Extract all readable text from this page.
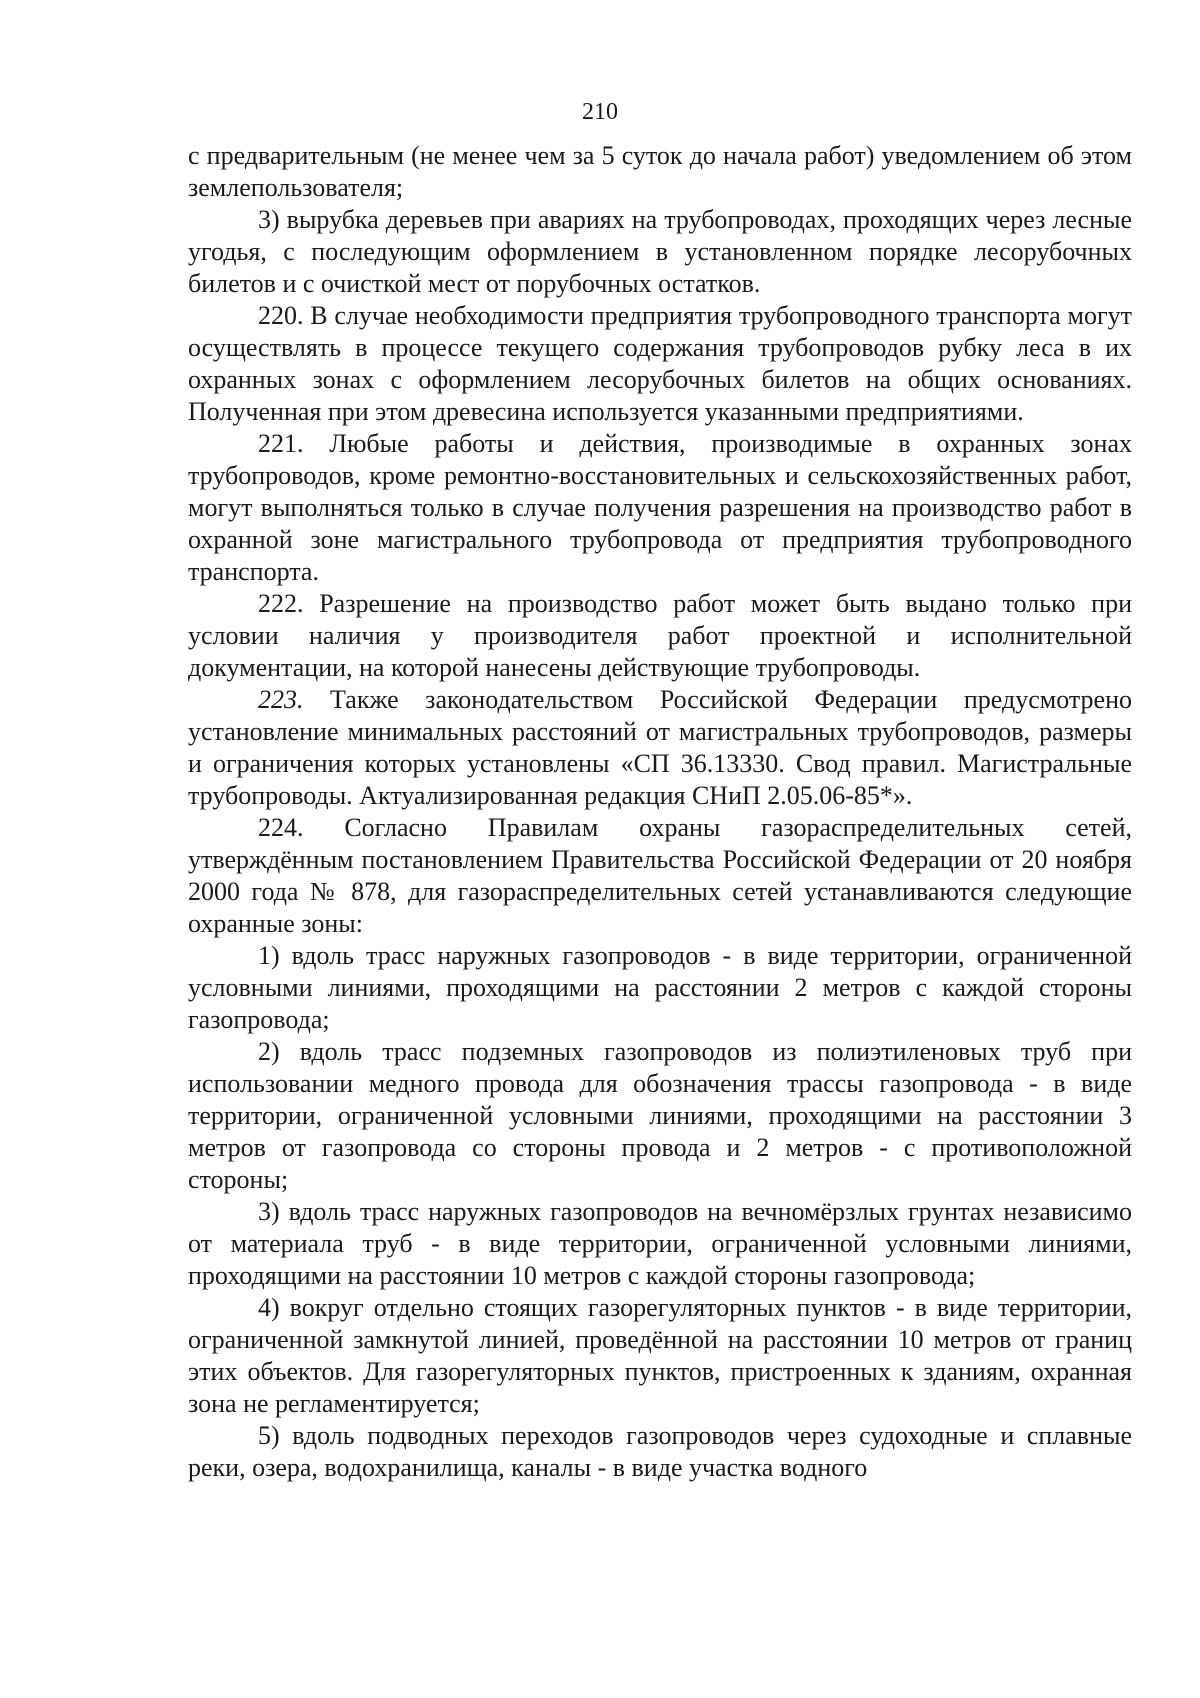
210

с предварительным (не менее чем за 5 суток до начала работ) уведомлением об этом землепользователя;

3) вырубка деревьев при авариях на трубопроводах, проходящих через лесные угодья, с последующим оформлением в установленном порядке лесорубочных билетов и с очисткой мест от порубочных остатков.

220. В случае необходимости предприятия трубопроводного транспорта могут осуществлять в процессе текущего содержания трубопроводов рубку леса в их охранных зонах с оформлением лесорубочных билетов на общих основаниях. Полученная при этом древесина используется указанными предприятиями.

221. Любые работы и действия, производимые в охранных зонах трубопроводов, кроме ремонтно-восстановительных и сельскохозяйственных работ, могут выполняться только в случае получения разрешения на производство работ в охранной зоне магистрального трубопровода от предприятия трубопроводного транспорта.

222. Разрешение на производство работ может быть выдано только при условии наличия у производителя работ проектной и исполнительной документации, на которой нанесены действующие трубопроводы.

223. Также законодательством Российской Федерации предусмотрено установление минимальных расстояний от магистральных трубопроводов, размеры и ограничения которых установлены «СП 36.13330. Свод правил. Магистральные трубопроводы. Актуализированная редакция СНиП 2.05.06-85*».

224. Согласно Правилам охраны газораспределительных сетей, утверждённым постановлением Правительства Российской Федерации от 20 ноября 2000 года № 878, для газораспределительных сетей устанавливаются следующие охранные зоны:

1) вдоль трасс наружных газопроводов - в виде территории, ограниченной условными линиями, проходящими на расстоянии 2 метров с каждой стороны газопровода;

2) вдоль трасс подземных газопроводов из полиэтиленовых труб при использовании медного провода для обозначения трассы газопровода - в виде территории, ограниченной условными линиями, проходящими на расстоянии 3 метров от газопровода со стороны провода и 2 метров - с противоположной стороны;

3) вдоль трасс наружных газопроводов на вечномёрзлых грунтах независимо от материала труб - в виде территории, ограниченной условными линиями, проходящими на расстоянии 10 метров с каждой стороны газопровода;

4) вокруг отдельно стоящих газорегуляторных пунктов - в виде территории, ограниченной замкнутой линией, проведённой на расстоянии 10 метров от границ этих объектов. Для газорегуляторных пунктов, пристроенных к зданиям, охранная зона не регламентируется;

5) вдоль подводных переходов газопроводов через судоходные и сплавные реки, озера, водохранилища, каналы - в виде участка водного
